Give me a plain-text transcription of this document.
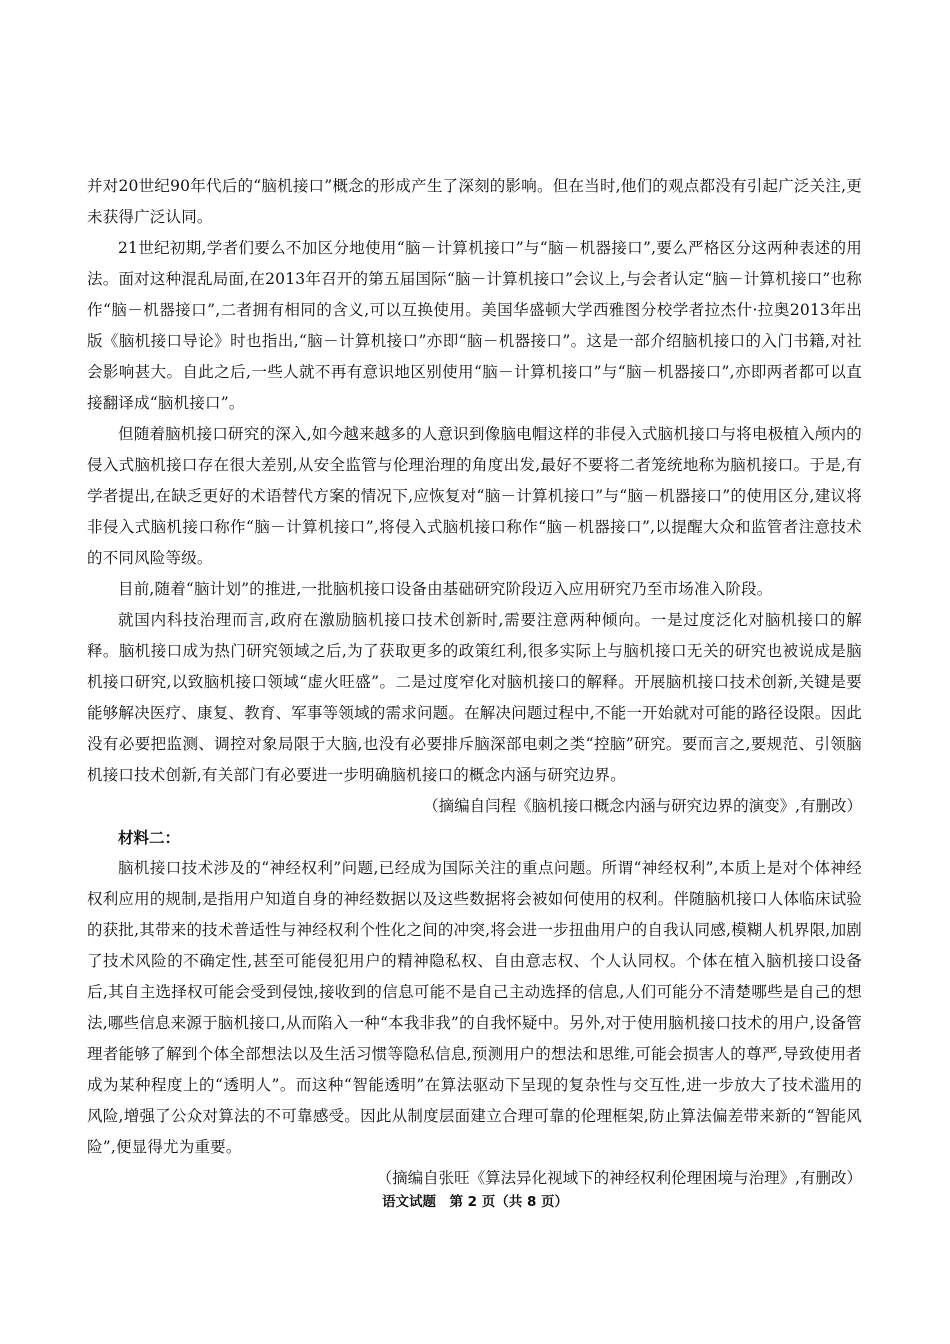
并对20世纪90年代后的“脑机接口”概念的形成产生了深刻的影响。但在当时,他们的观点都没有引起广泛关注,更未获得广泛认同。

21世纪初期,学者们要么不加区分地使用“脑－计算机接口”与“脑－机器接口”,要么严格区分这两种表述的用法。面对这种混乱局面,在2013年召开的第五届国际“脑－计算机接口”会议上,与会者认定“脑－计算机接口”也称作“脑－机器接口”,二者拥有相同的含义,可以互换使用。美国华盛顿大学西雅图分校学者拉杰什·拉奥2013年出版《脑机接口导论》时也指出,“脑－计算机接口”亦即“脑－机器接口”。这是一部介绍脑机接口的入门书籍,对社会影响甚大。自此之后,一些人就不再有意识地区别使用“脑－计算机接口”与“脑－机器接口”,亦即两者都可以直接翻译成“脑机接口”。

但随着脑机接口研究的深入,如今越来越多的人意识到像脑电帽这样的非侵入式脑机接口与将电极植入颅内的侵入式脑机接口存在很大差别,从安全监管与伦理治理的角度出发,最好不要将二者笼统地称为脑机接口。于是,有学者提出,在缺乏更好的术语替代方案的情况下,应恢复对“脑－计算机接口”与“脑－机器接口”的使用区分,建议将非侵入式脑机接口称作“脑－计算机接口”,将侵入式脑机接口称作“脑－机器接口”,以提醒大众和监管者注意技术的不同风险等级。

目前,随着“脑计划”的推进,一批脑机接口设备由基础研究阶段迈入应用研究乃至市场准入阶段。

就国内科技治理而言,政府在激励脑机接口技术创新时,需要注意两种倾向。一是过度泛化对脑机接口的解释。脑机接口成为热门研究领域之后,为了获取更多的政策红利,很多实际上与脑机接口无关的研究也被说成是脑机接口研究,以致脑机接口领域“虚火旺盛”。二是过度窄化对脑机接口的解释。开展脑机接口技术创新,关键是要能够解决医疗、康复、教育、军事等领域的需求问题。在解决问题过程中,不能一开始就对可能的路径设限。因此没有必要把监测、调控对象局限于大脑,也没有必要排斥脑深部电刺之类“控脑”研究。要而言之,要规范、引领脑机接口技术创新,有关部门有必要进一步明确脑机接口的概念内涵与研究边界。

（摘编自闫程《脑机接口概念内涵与研究边界的演变》,有删改）

材料二：

脑机接口技术涉及的“神经权利”问题,已经成为国际关注的重点问题。所谓“神经权利”,本质上是对个体神经权利应用的规制,是指用户知道自身的神经数据以及这些数据将会被如何使用的权利。伴随脑机接口人体临床试验的获批,其带来的技术普适性与神经权利个性化之间的冲突,将会进一步扭曲用户的自我认同感,模糊人机界限,加剧了技术风险的不确定性,甚至可能侵犯用户的精神隐私权、自由意志权、个人认同权。个体在植入脑机接口设备后,其自主选择权可能会受到侵蚀,接收到的信息可能不是自己主动选择的信息,人们可能分不清楚哪些是自己的想法,哪些信息来源于脑机接口,从而陷入一种“本我非我”的自我怀疑中。另外,对于使用脑机接口技术的用户,设备管理者能够了解到个体全部想法以及生活习惯等隐私信息,预测用户的想法和思维,可能会损害人的尊严,导致使用者成为某种程度上的“透明人”。而这种“智能透明”在算法驱动下呈现的复杂性与交互性,进一步放大了技术滥用的风险,增强了公众对算法的不可靠感受。因此从制度层面建立合理可靠的伦理框架,防止算法偏差带来新的“智能风险”,便显得尤为重要。

（摘编自张旺《算法异化视域下的神经权利伦理困境与治理》,有删改）

语文试题　第 2 页（共 8 页）
